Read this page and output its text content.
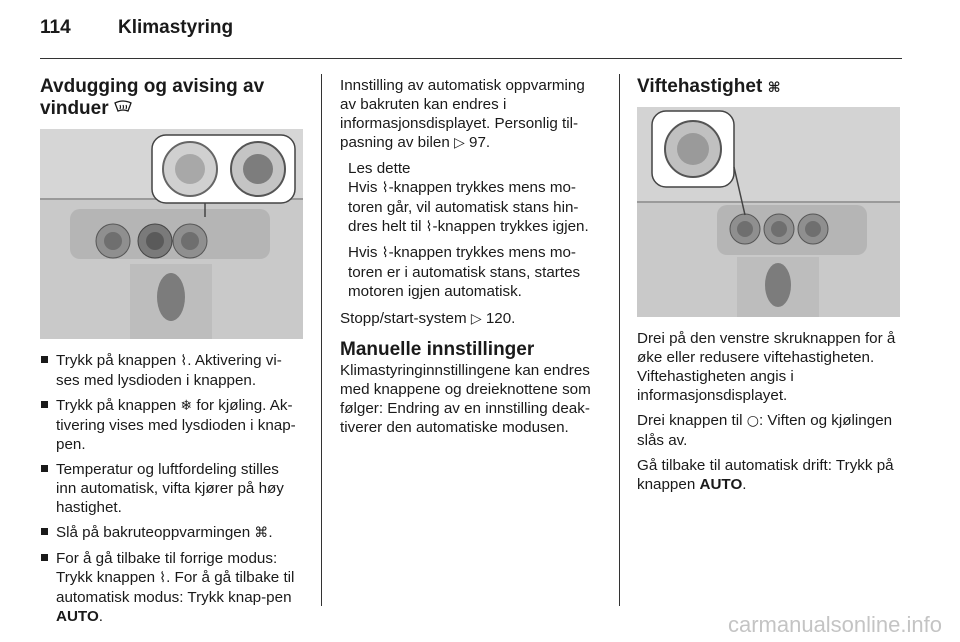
114 Klimastyring
Avdugging og avising av
vinduer
Trykk på knappen ⌇. Aktivering vi-ses med lysdioden i knappen.
Trykk på knappen ❄ for kjøling. Ak-tivering vises med lysdioden i knap-pen.
Temperatur og luftfordeling stilles inn automatisk, vifta kjører på høy hastighet.
Slå på bakruteoppvarmingen ⌘.
For å gå tilbake til forrige modus: Trykk knappen ⌇. For å gå tilbake til automatisk modus: Trykk knap-pen AUTO.

Innstilling av automatisk oppvarming av bakruten kan endres i informasjonsdisplayet. Personlig til-pasning av bilen ▷ 97.

Les dette

Hvis ⌇-knappen trykkes mens mo-toren går, vil automatisk stans hin-dres helt til ⌇-knappen trykkes igjen.

Hvis ⌇-knappen trykkes mens mo-toren er i automatisk stans, startes motoren igjen automatisk.

Stopp/start-system ▷ 120.

Manuelle innstillinger

Klimastyringinnstillingene kan endres med knappene og dreieknottene som følger: Endring av en innstilling deak-tiverer den automatiske modusen.

Viftehastighet ⌘

Drei på den venstre skruknappen for å øke eller redusere viftehastigheten. Viftehastigheten angis i informasjonsdisplayet.

Drei knappen til ○: Viften og kjølingen slås av.

Gå tilbake til automatisk drift: Trykk på knappen AUTO.

carmanualsonline.info
